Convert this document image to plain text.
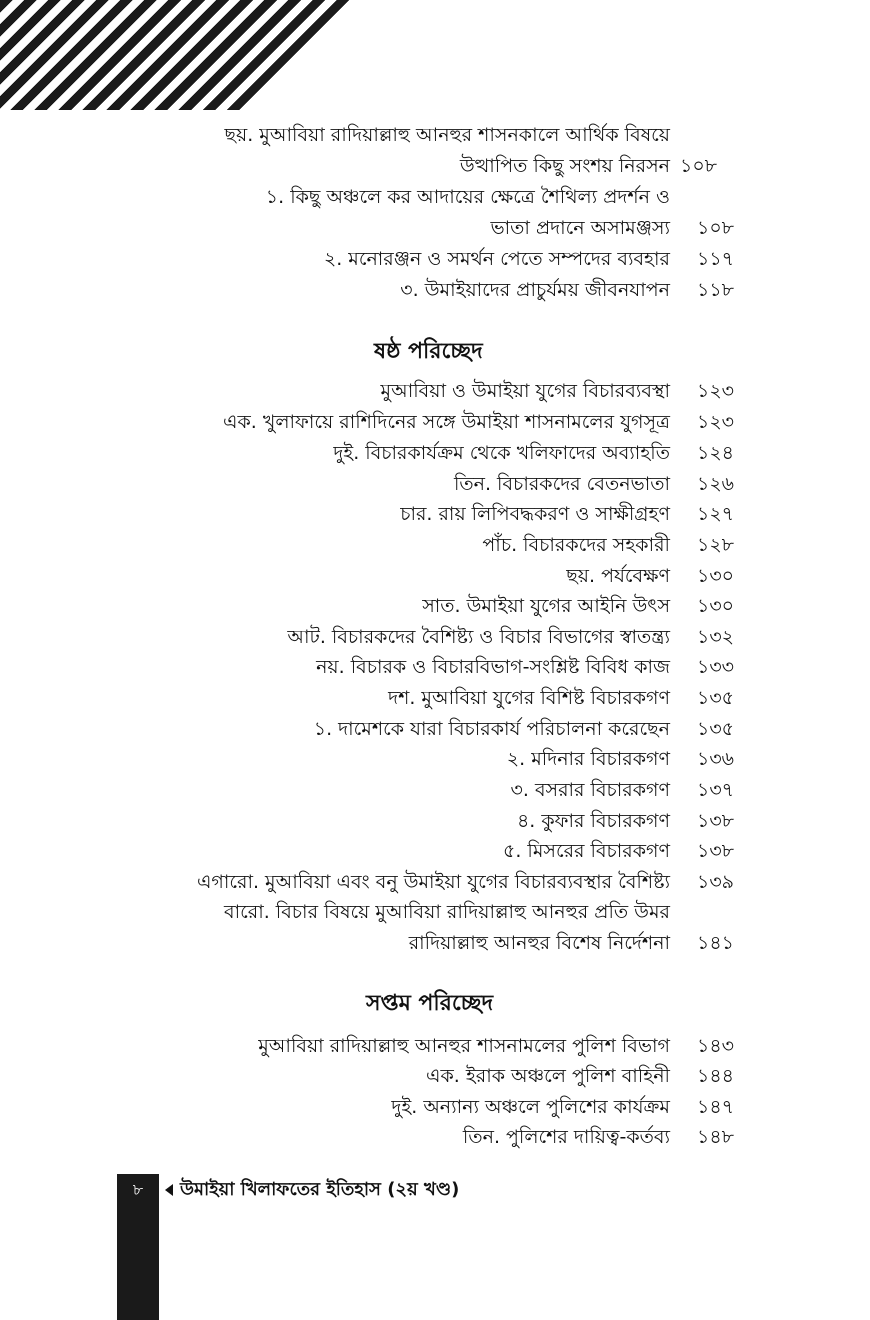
ছয়. মুআবিয়া রাদিয়াল্লাহু আনহুর শাসনকালে আর্থিক বিষয়ে
উত্থাপিত কিছু সংশয় নিরসন ১০৮
১. কিছু অঞ্চলে কর আদায়ের ক্ষেত্রে শৈথিল্য প্রদর্শন ও
ভাতা প্রদানে অসামঞ্জস্য ১০৮
২. মনোরঞ্জন ও সমর্থন পেতে সম্পদের ব্যবহার ১১৭
৩. উমাইয়াদের প্রাচুর্যময় জীবনযাপন ১১৮
ষষ্ঠ পরিচ্ছেদ
মুআবিয়া ও উমাইয়া যুগের বিচারব্যবস্থা ১২৩
এক. খুলাফায়ে রাশিদিনের সঙ্গে উমাইয়া শাসনামলের যুগসূত্র ১২৩
দুই. বিচারকার্যক্রম থেকে খলিফাদের অব্যাহতি ১২৪
তিন. বিচারকদের বেতনভাতা ১২৬
চার. রায় লিপিবদ্ধকরণ ও সাক্ষীগ্রহণ ১২৭
পাঁচ. বিচারকদের সহকারী ১২৮
ছয়. পর্যবেক্ষণ ১৩০
সাত. উমাইয়া যুগের আইনি উৎস ১৩০
আট. বিচারকদের বৈশিষ্ট্য ও বিচার বিভাগের স্বাতন্ত্র্য ১৩২
নয়. বিচারক ও বিচারবিভাগ-সংশ্লিষ্ট বিবিধ কাজ ১৩৩
দশ. মুআবিয়া যুগের বিশিষ্ট বিচারকগণ ১৩৫
১. দামেশকে যারা বিচারকার্য পরিচালনা করেছেন ১৩৫
২. মদিনার বিচারকগণ ১৩৬
৩. বসরার বিচারকগণ ১৩৭
৪. কুফার বিচারকগণ ১৩৮
৫. মিসরের বিচারকগণ ১৩৮
এগারো. মুআবিয়া এবং বনু উমাইয়া যুগের বিচারব্যবস্থার বৈশিষ্ট্য ১৩৯
বারো. বিচার বিষয়ে মুআবিয়া রাদিয়াল্লাহু আনহুর প্রতি উমর
রাদিয়াল্লাহু আনহুর বিশেষ নির্দেশনা ১৪১
সপ্তম পরিচ্ছেদ
মুআবিয়া রাদিয়াল্লাহু আনহুর শাসনামলের পুলিশ বিভাগ ১৪৩
এক. ইরাক অঞ্চলে পুলিশ বাহিনী ১৪৪
দুই. অন্যান্য অঞ্চলে পুলিশের কার্যক্রম ১৪৭
তিন. পুলিশের দায়িত্ব-কর্তব্য ১৪৮
৮	উমাইয়া খিলাফতের ইতিহাস (২য় খণ্ড)
